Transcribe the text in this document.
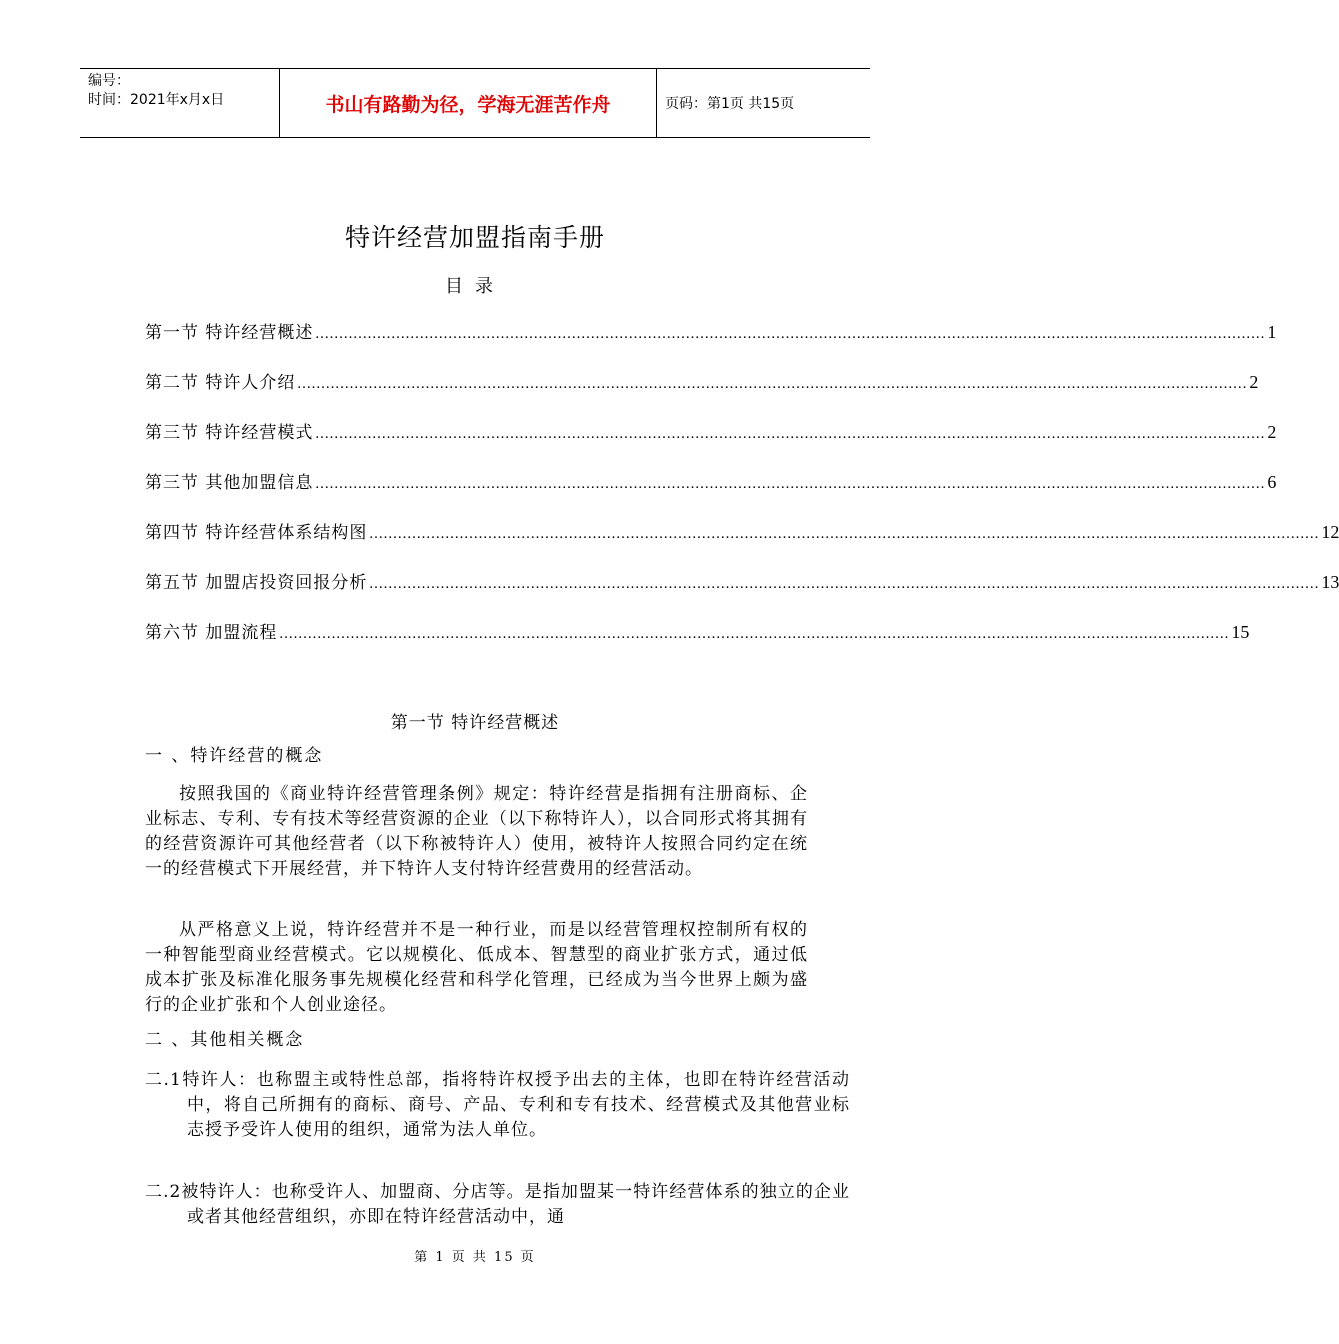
编号：
时间：2021年x月x日	书山有路勤为径，学海无涯苦作舟	页码：第1页 共15页
特许经营加盟指南手册
目录
第一节 特许经营概述 ........................................................................................................................................................................................................ 1
第二节 特许人介绍 ........................................................................................................................................................................................................ 2
第三节 特许经营模式 ........................................................................................................................................................................................................ 2
第三节 其他加盟信息 ........................................................................................................................................................................................................ 6
第四节 特许经营体系结构图 ........................................................................................................................................................................................................ 12
第五节 加盟店投资回报分析 ........................................................................................................................................................................................................ 13
第六节 加盟流程 ........................................................................................................................................................................................................ 15
第一节 特许经营概述
一 、特许经营的概念
按照我国的《商业特许经营管理条例》规定：特许经营是指拥有注册商标、企业标志、专利、专有技术等经营资源的企业（以下称特许人），以合同形式将其拥有的经营资源许可其他经营者（以下称被特许人）使用，被特许人按照合同约定在统一的经营模式下开展经营，并下特许人支付特许经营费用的经营活动。
从严格意义上说，特许经营并不是一种行业，而是以经营管理权控制所有权的一种智能型商业经营模式。它以规模化、低成本、智慧型的商业扩张方式，通过低成本扩张及标准化服务事先规模化经营和科学化管理，已经成为当今世界上颇为盛行的企业扩张和个人创业途径。
二 、其他相关概念
二.1特许人：也称盟主或特性总部，指将特许权授予出去的主体，也即在特许经营活动中，将自己所拥有的商标、商号、产品、专利和专有技术、经营模式及其他营业标志授予受许人使用的组织，通常为法人单位。
二.2被特许人：也称受许人、加盟商、分店等。是指加盟某一特许经营体系的独立的企业或者其他经营组织，亦即在特许经营活动中，通
第 1 页 共 15 页
